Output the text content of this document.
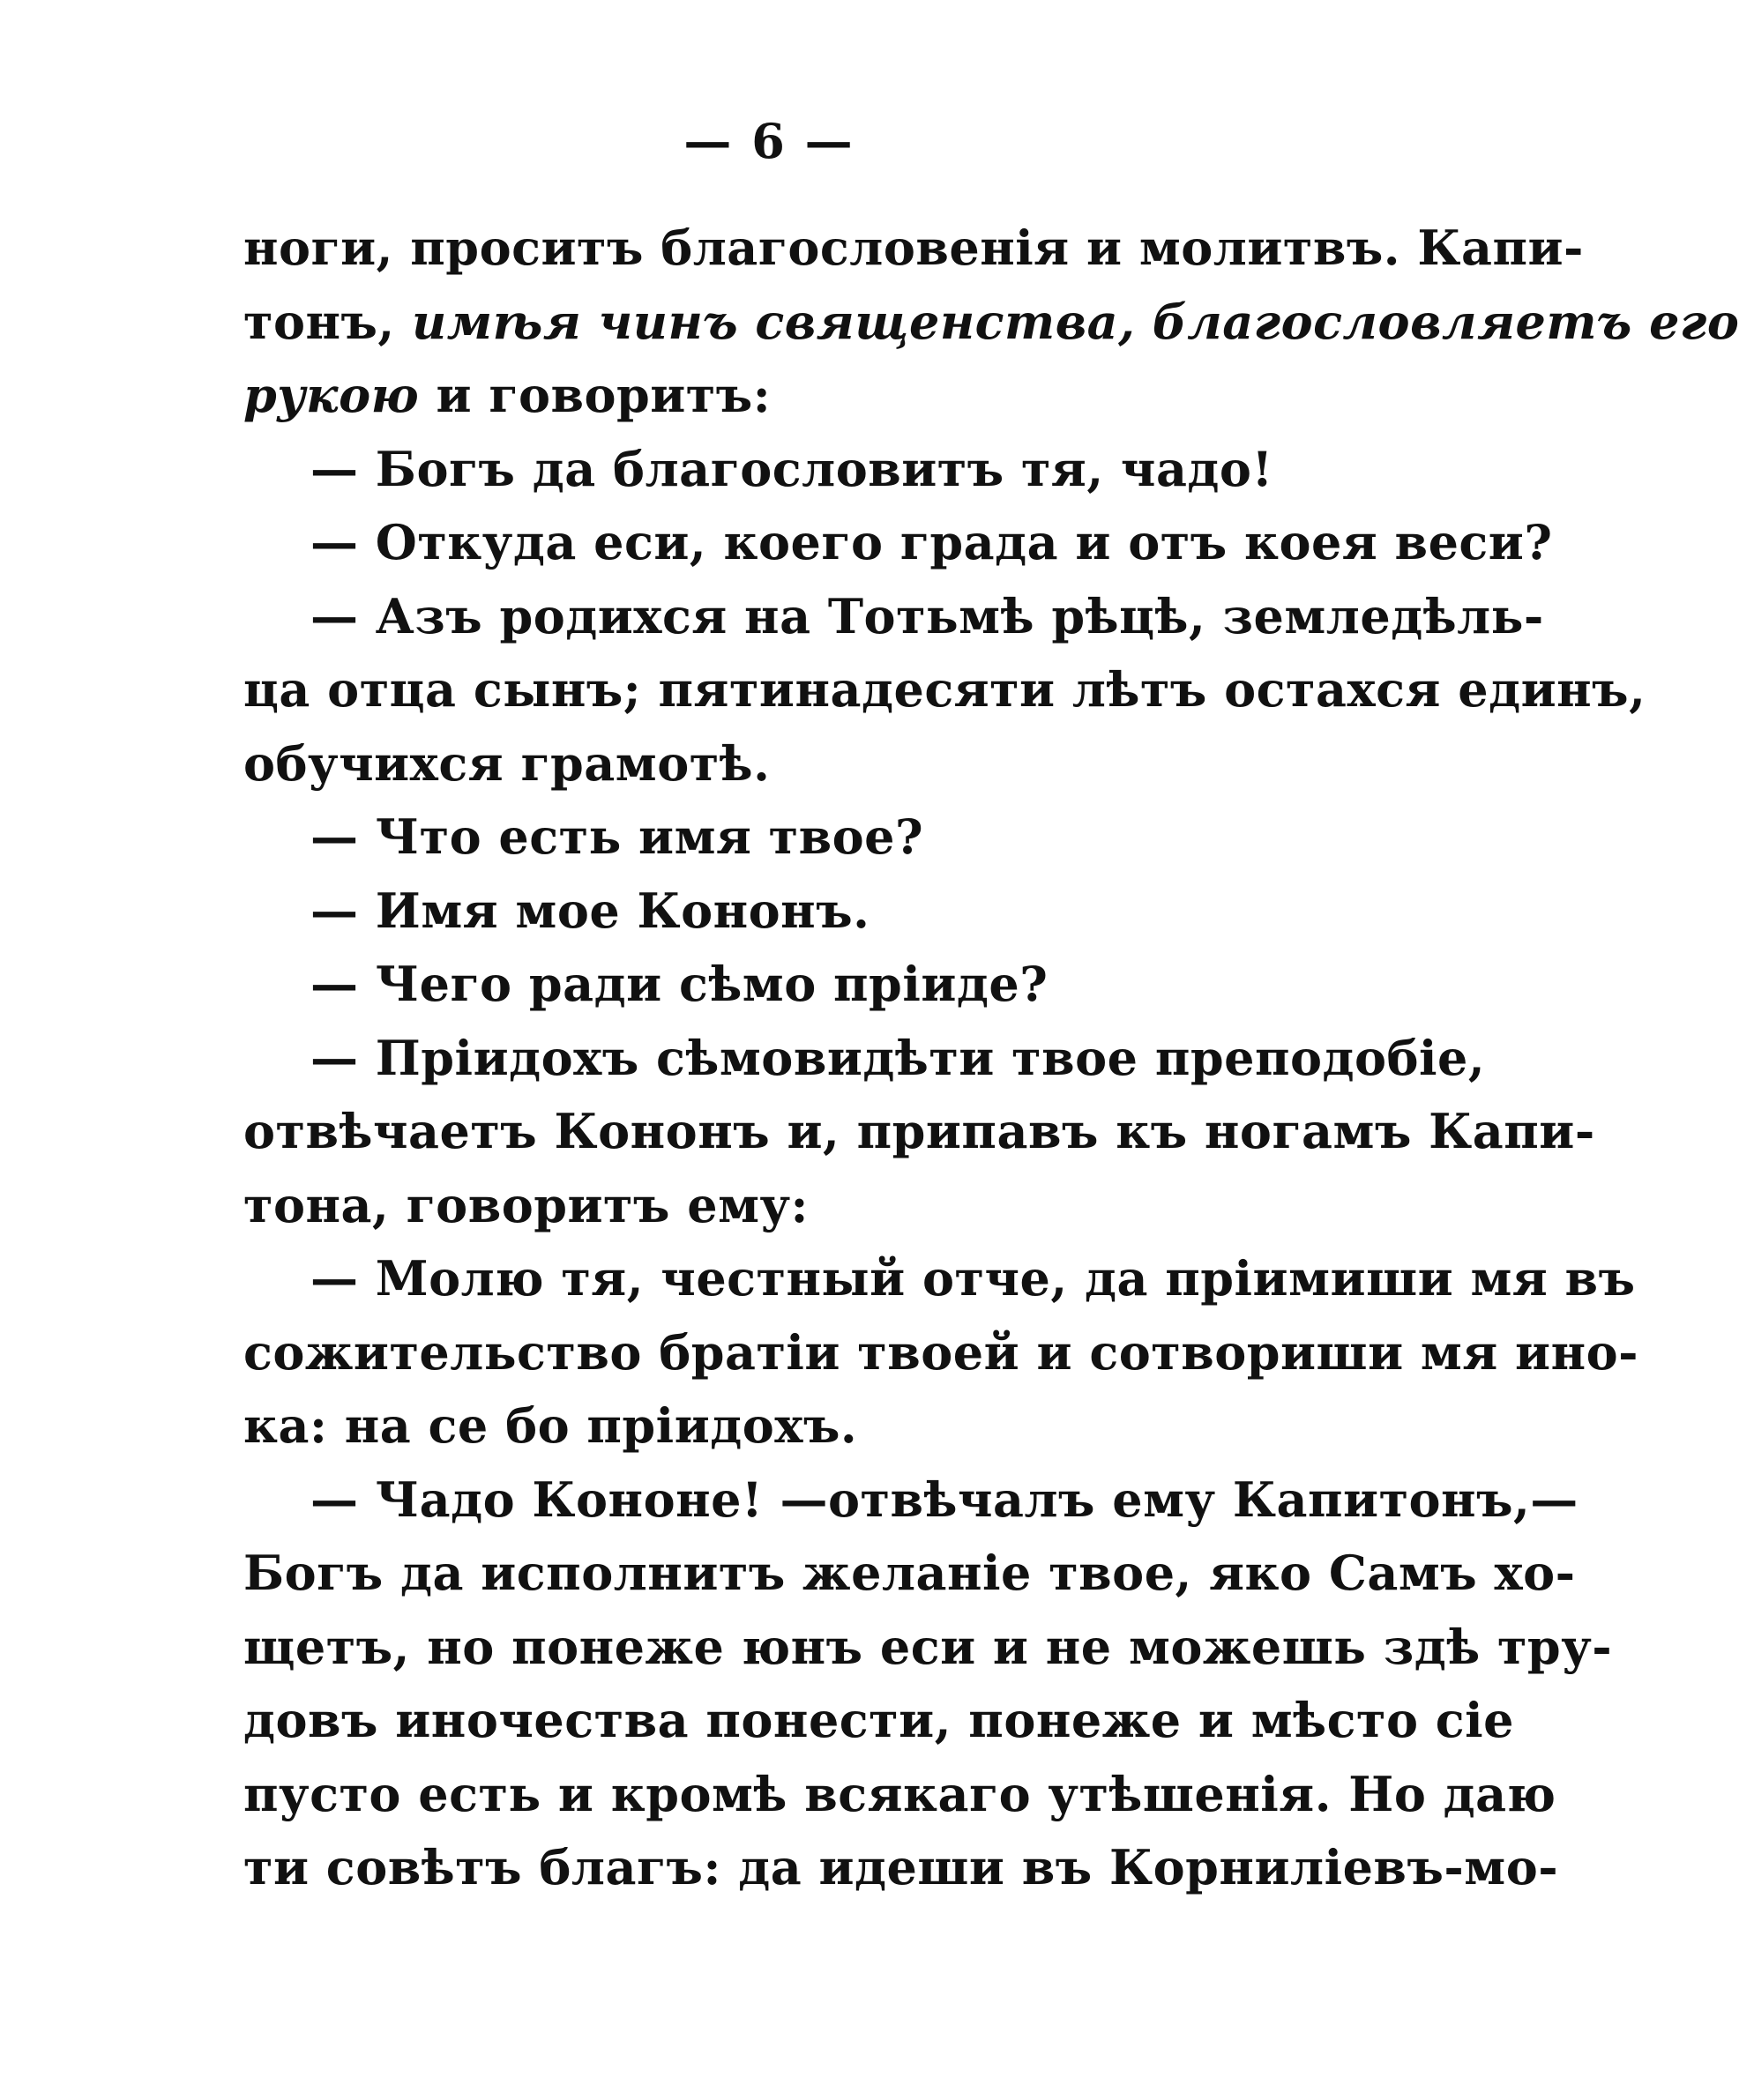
— 6 —
ноги, проситъ благословенія и молитвъ. Капи-
тонъ, имѣя чинъ священства, благословляетъ его
рукою и говоритъ:
— Богъ да благословитъ тя, чадо!
— Откуда еси, коего града и отъ коея веси?
— Азъ родихся на Тотьмѣ рѣцѣ, земледѣль-
ца отца сынъ; пятинадесяти лѣтъ остахся единъ,
обучихся грамотѣ.
— Что есть имя твое?
— Имя мое Кононъ.
— Чего ради сѣмо пріиде?
— Пріидохъ сѣмовидѣти твое преподобіе,
отвѣчаетъ Кононъ и, припавъ къ ногамъ Капи-
тона, говоритъ ему:
— Молю тя, честный отче, да пріимиши мя въ
сожительство братіи твоей и сотвориши мя ино-
ка: на се бо пріидохъ.
— Чадо Кононе! —отвѣчалъ ему Капитонъ,—
Богъ да исполнитъ желаніе твое, яко Самъ хо-
щетъ, но понеже юнъ еси и не можешь здѣ тру-
довъ иночества понести, понеже и мѣсто сіе
пусто есть и кромѣ всякаго утѣшенія. Но даю
ти совѣтъ благъ: да идеши въ Корниліевъ-мо-
